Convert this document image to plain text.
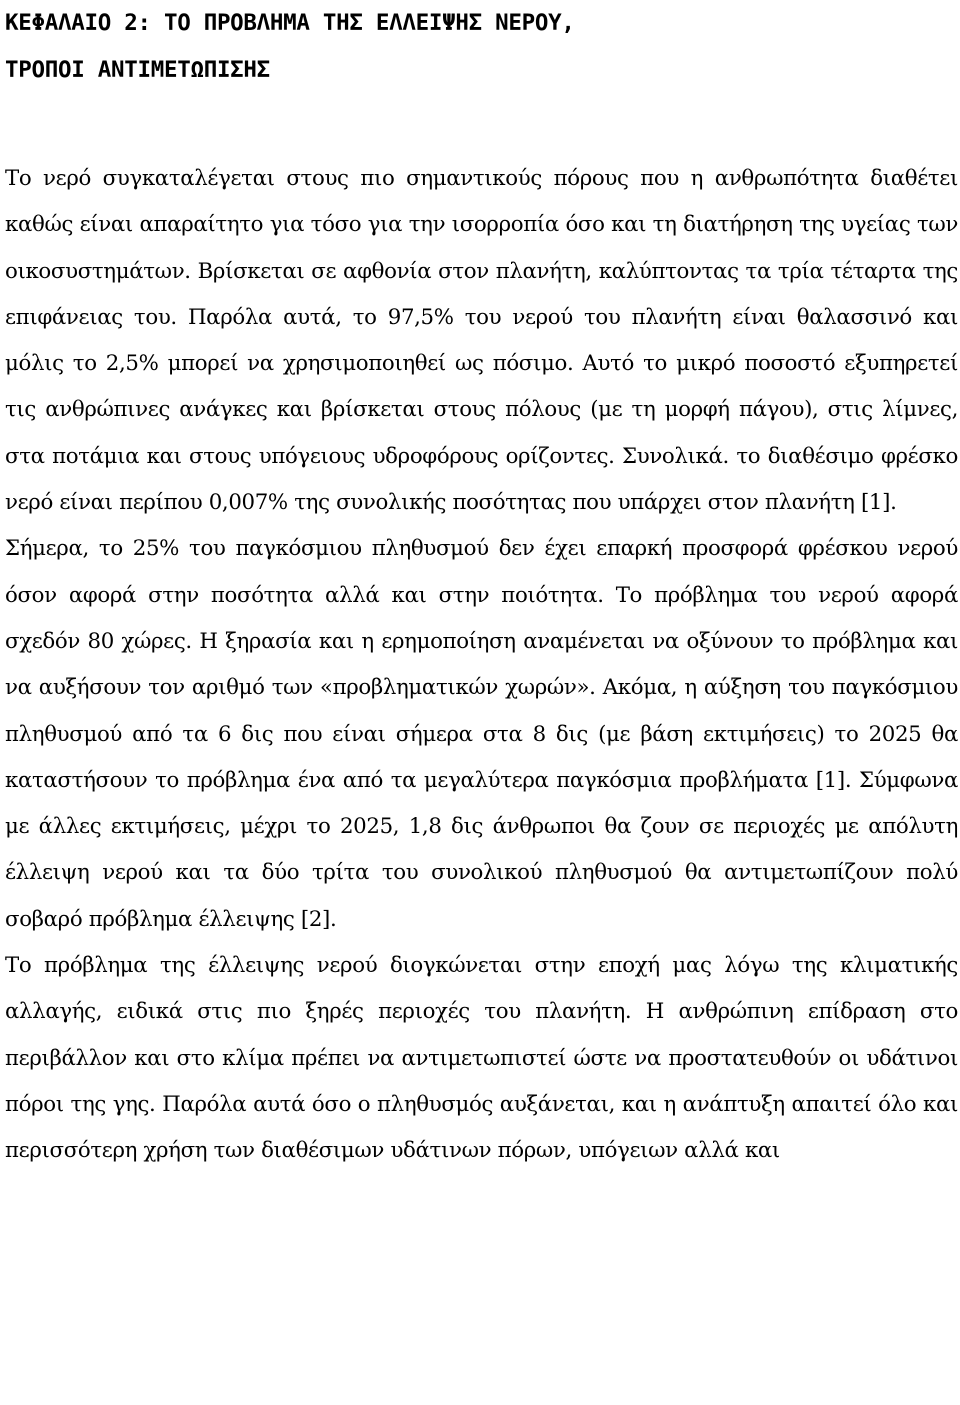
ΚΕΦΑΛΑΙΟ 2: ΤΟ ΠΡΟΒΛΗΜΑ ΤΗΣ ΕΛΛΕΙΨΗΣ ΝΕΡΟΥ,
ΤΡΟΠΟΙ ΑΝΤΙΜΕΤΩΠΙΣΗΣ

Το νερό συγκαταλέγεται στους πιο σημαντικούς πόρους που η ανθρωπότητα διαθέτει καθώς είναι απαραίτητο για τόσο για την ισορροπία όσο και τη διατήρηση της υγείας των οικοσυστημάτων. Βρίσκεται σε αφθονία στον πλανήτη, καλύπτοντας τα τρία τέταρτα της επιφάνειας του. Παρόλα αυτά, το 97,5% του νερού του πλανήτη είναι θαλασσινό και μόλις το 2,5% μπορεί να χρησιμοποιηθεί ως πόσιμο. Αυτό το μικρό ποσοστό εξυπηρετεί τις ανθρώπινες ανάγκες και βρίσκεται στους πόλους (με τη μορφή πάγου), στις λίμνες, στα ποτάμια και στους υπόγειους υδροφόρους ορίζοντες. Συνολικά. το διαθέσιμο φρέσκο νερό είναι περίπου 0,007% της συνολικής ποσότητας που υπάρχει στον πλανήτη [1].

Σήμερα, το 25% του παγκόσμιου πληθυσμού δεν έχει επαρκή προσφορά φρέσκου νερού όσον αφορά στην ποσότητα αλλά και στην ποιότητα. Το πρόβλημα του νερού αφορά σχεδόν 80 χώρες. Η ξηρασία και η ερημοποίηση αναμένεται να οξύνουν το πρόβλημα και να αυξήσουν τον αριθμό των «προβληματικών χωρών». Ακόμα, η αύξηση του παγκόσμιου πληθυσμού από τα 6 δις που είναι σήμερα στα 8 δις (με βάση εκτιμήσεις) το 2025 θα καταστήσουν το πρόβλημα ένα από τα μεγαλύτερα παγκόσμια προβλήματα [1]. Σύμφωνα με άλλες εκτιμήσεις, μέχρι το 2025, 1,8 δις άνθρωποι θα ζουν σε περιοχές με απόλυτη έλλειψη νερού και τα δύο τρίτα του συνολικού πληθυσμού θα αντιμετωπίζουν πολύ σοβαρό πρόβλημα έλλειψης [2].

Το πρόβλημα της έλλειψης νερού διογκώνεται στην εποχή μας λόγω της κλιματικής αλλαγής, ειδικά στις πιο ξηρές περιοχές του πλανήτη. Η ανθρώπινη επίδραση στο περιβάλλον και στο κλίμα πρέπει να αντιμετωπιστεί ώστε να προστατευθούν οι υδάτινοι πόροι της γης. Παρόλα αυτά όσο ο πληθυσμός αυξάνεται, και η ανάπτυξη απαιτεί όλο και περισσότερη χρήση των διαθέσιμων υδάτινων πόρων, υπόγειων αλλά και
